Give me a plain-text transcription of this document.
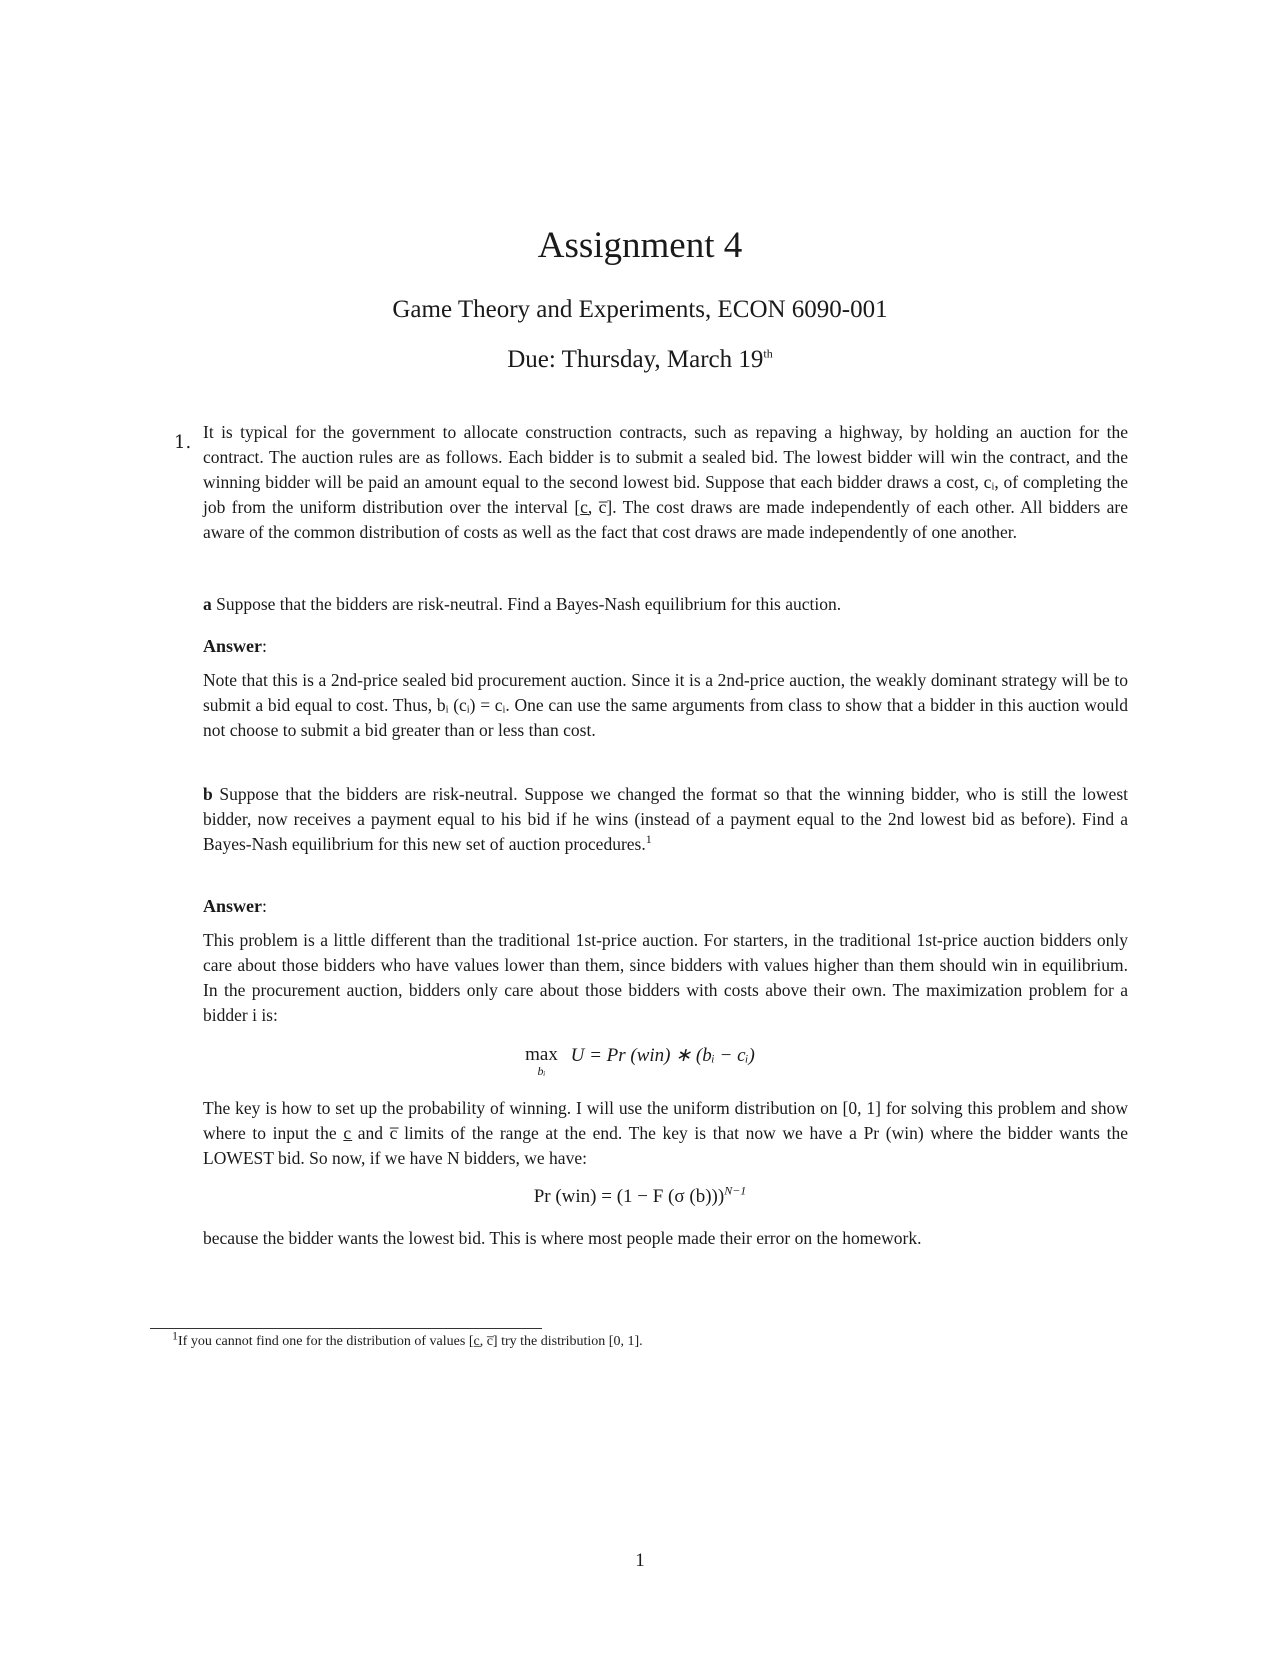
Assignment 4
Game Theory and Experiments, ECON 6090-001
Due: Thursday, March 19th
1. It is typical for the government to allocate construction contracts, such as repaving a highway, by holding an auction for the contract. The auction rules are as follows. Each bidder is to submit a sealed bid. The lowest bidder will win the contract, and the winning bidder will be paid an amount equal to the second lowest bid. Suppose that each bidder draws a cost, cᵢ, of completing the job from the uniform distribution over the interval [c̲, c̅]. The cost draws are made independently of each other. All bidders are aware of the common distribution of costs as well as the fact that cost draws are made independently of one another.
a Suppose that the bidders are risk-neutral. Find a Bayes-Nash equilibrium for this auction.
Answer:
Note that this is a 2nd-price sealed bid procurement auction. Since it is a 2nd-price auction, the weakly dominant strategy will be to submit a bid equal to cost. Thus, bᵢ (cᵢ) = cᵢ. One can use the same arguments from class to show that a bidder in this auction would not choose to submit a bid greater than or less than cost.
b Suppose that the bidders are risk-neutral. Suppose we changed the format so that the winning bidder, who is still the lowest bidder, now receives a payment equal to his bid if he wins (instead of a payment equal to the 2nd lowest bid as before). Find a Bayes-Nash equilibrium for this new set of auction procedures.$^1$
Answer:
This problem is a little different than the traditional 1st-price auction. For starters, in the traditional 1st-price auction bidders only care about those bidders who have values lower than them, since bidders with values higher than them should win in equilibrium. In the procurement auction, bidders only care about those bidders with costs above their own. The maximization problem for a bidder i is:
max
bᵢ
U = Pr (win) ∗ (bᵢ − cᵢ)
The key is how to set up the probability of winning. I will use the uniform distribution on [0, 1] for solving this problem and show where to input the c̲ and c̅ limits of the range at the end. The key is that now we have a Pr (win) where the bidder wants the LOWEST bid. So now, if we have N bidders, we have:
Pr (win) = (1 − F (σ (b)))$^{N-1}$
because the bidder wants the lowest bid. This is where most people made their error on the homework.
$^1$If you cannot find one for the distribution of values [c̲, c̅] try the distribution [0, 1].
1
